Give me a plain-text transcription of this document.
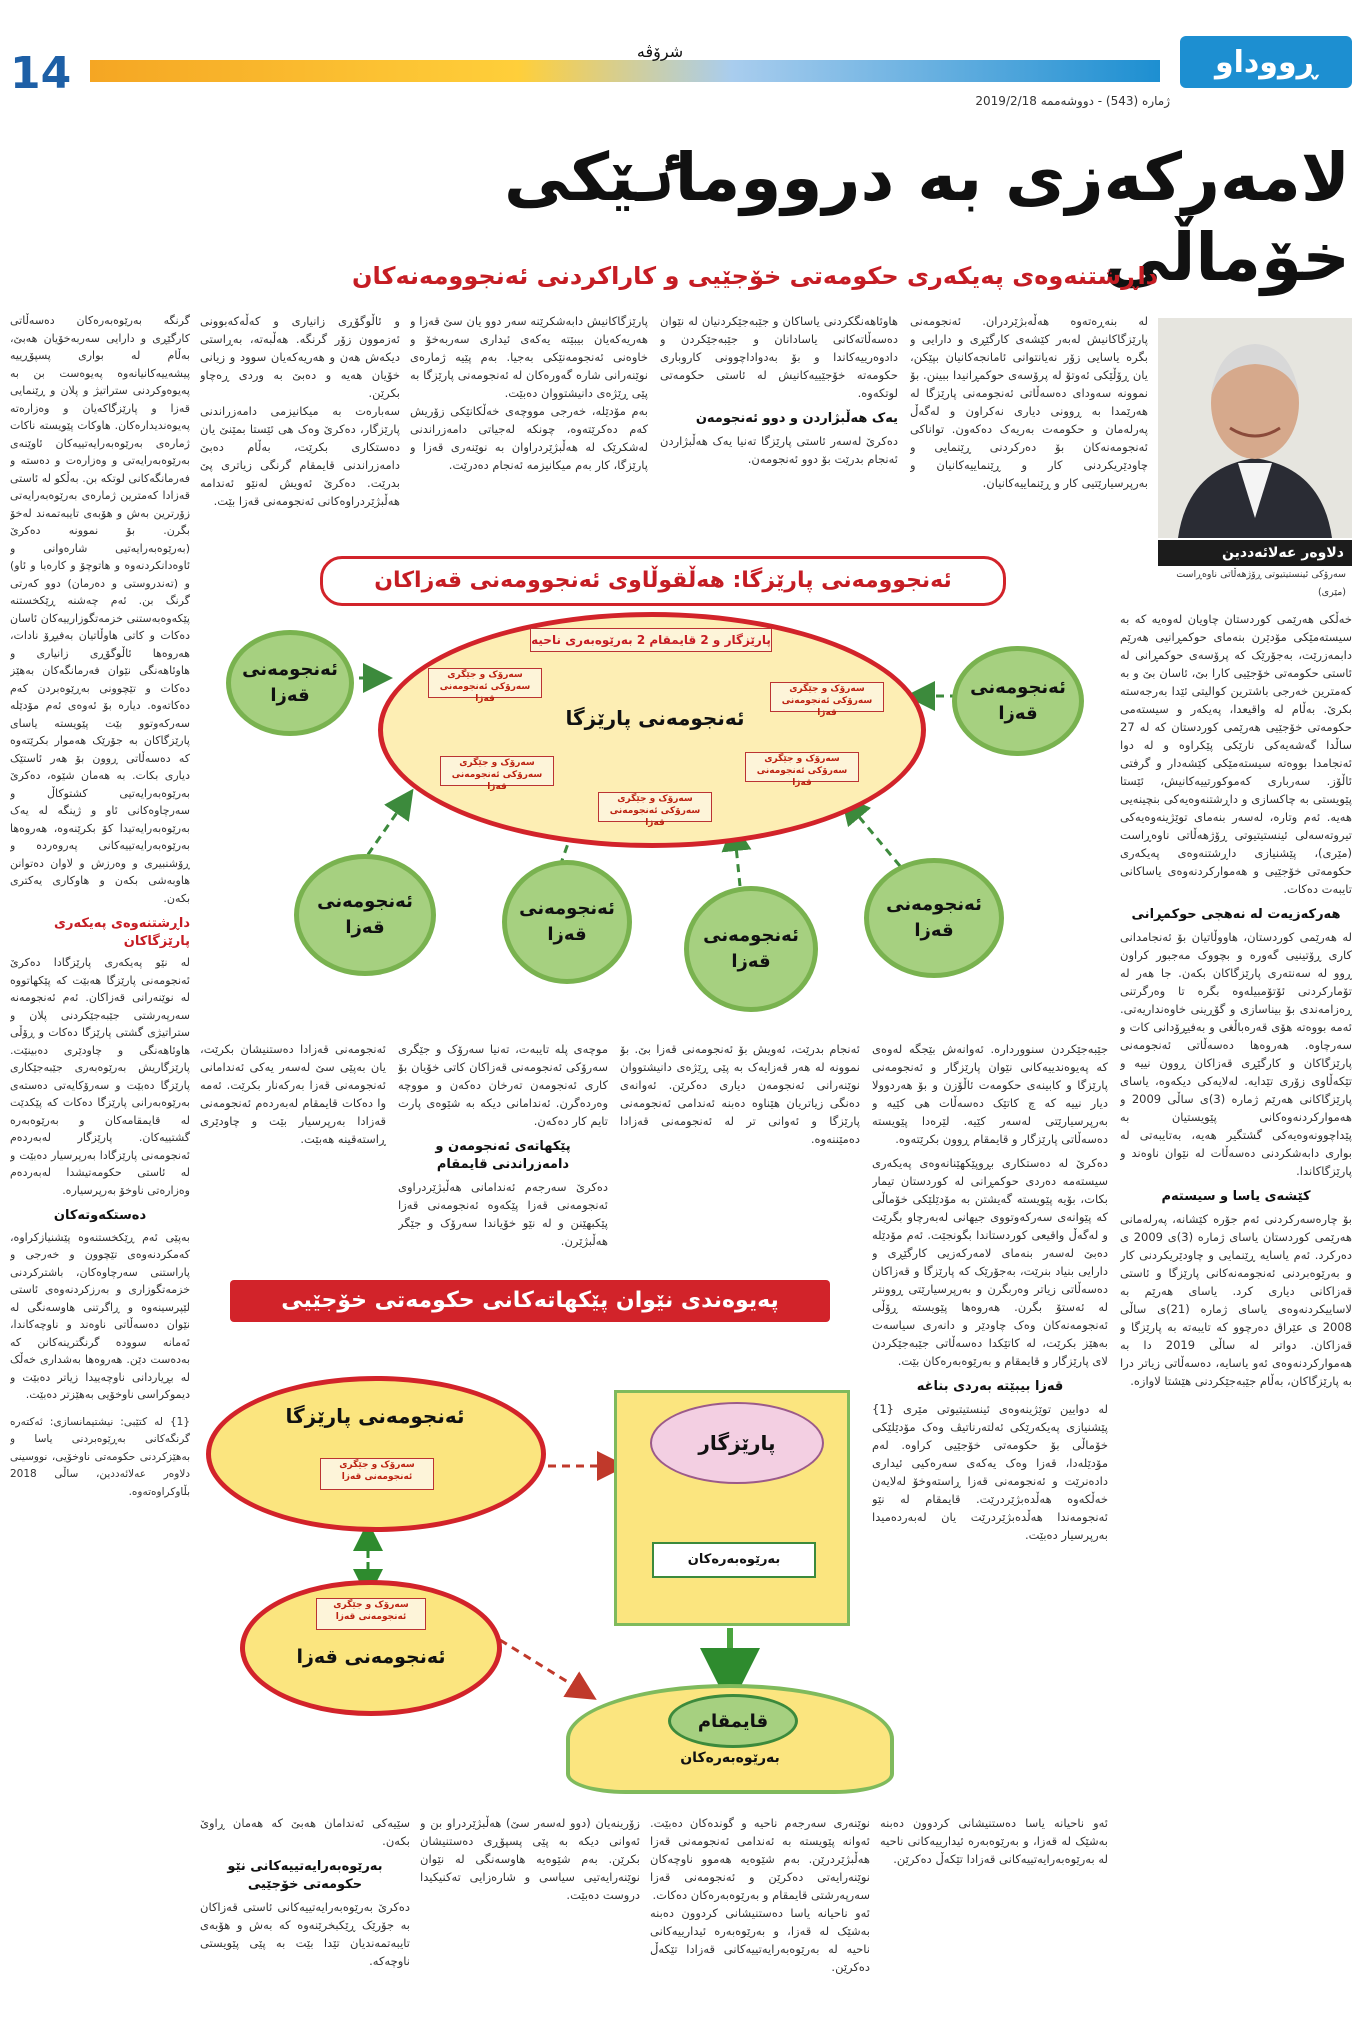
14	شرۆڤە	ڕووداو
ژمارە (543) - دووشەممە 2019/2/18
لامەرکەزی بە درووماٸێکی خۆماڵی
داڕشتنەوەی پەیکەری حکومەتی خۆجێیی و کاراکردنی ئەنجوومەنەکان
دلاوەر عەلائەددین
سەرۆکی ئینستیتیوتی ڕۆژهەڵاتی ناوەڕاست (مێری)

لە بنەڕەتەوە هەڵەبژێردران. ئەنجومەنی پارێزگاکانیش لەبەر کێشەی کارگێڕی و دارایی و بگرە یاسایی زۆر نەیانتوانی ئامانجەکانیان بپێکن، یان ڕۆڵێکی ئەوتۆ لە پرۆسەی حوکمڕانیدا ببینن. بۆ نموونە سەودای دەسەڵاتی ئەنجومەنی پارێزگا لە هەرێمدا بە ڕوونی دیاری نەکراون و لەگەڵ پەرلەمان و حکومەت بەریەک دەکەون. تواناکی ئەنجومەنەکان بۆ دەرکردنی ڕێنمایی و چاودێریکردنی کار و ڕێنماییەکانیان و بەرپرسیارێتیی کار و ڕێنماییەکانیان.

هاوئاهەنگکردنی یاساکان و جێبەجێکردنیان لە نێوان دەسەڵاتەکانی یاسادانان و جێبەجێکردن و دادوەرییەکاندا و بۆ بەدواداچوونی کاروباری حکومەتە خۆجێییەکانیش لە ئاستی حکومەتی لوتکەوە.

یەک هەڵبژاردن و دوو ئەنجومەن

دەکرێ لەسەر ئاستی پارێزگا تەنیا یەک هەڵبژاردن ئەنجام بدرێت بۆ دوو ئەنجومەن.

پارێزگاکانیش دابەشکرێنە سەر دوو یان سێ قەزا و هەریەکەیان بیبێتە یەکەی ئیداری سەربەخۆ و خاوەنی ئەنجومەنێکی بەجیا. بەم پێیە ژمارەی نوێنەرانی شارە گەورەکان لە ئەنجومەنی پارێزگا بە پێی ڕێژەی دانیشتووان دەبێت.

بەم مۆدێلە، خەرجی مووچەی خەڵکانێکی زۆریش کەم دەکرێتەوە، چونکە لەجیاتی دامەزراندنی لەشکرێک لە هەڵبژێردراوان بە نوێنەری قەزا و پارێزگا، کار بەم میکانیزمە ئەنجام دەدرێت.

و ئاڵوگۆڕی زانیاری و کەڵەکەبوونی ئەزموون زۆر گرنگە. هەڵبەتە، بەڕاستی دیکەش هەن و هەریەکەیان سوود و زیانی خۆیان هەیە و دەبێ بە وردی ڕەچاو بکرێن.

سەبارەت بە میکانیزمی دامەزراندنی پارێزگار، دەکرێ وەک هی ئێستا بمێنێ یان دەستکاری بکرێت، بەڵام دەبێ دامەزراندنی قایمقام گرنگی زیاتری پێ بدرێت. دەکرێ ئەویش لەنێو ئەندامە هەڵبژێردراوەکانی ئەنجومەنی قەزا بێت.

گرنگە بەرێوەبەرەکان دەسەڵاتی کارگێڕی و دارایی سەربەخۆیان هەبێ، بەڵام لە بواری پسپۆڕییە پیشەییەکانیانەوە پەیوەست بن بە پەیوەوکردنی ستراتیژ و پلان و ڕێنمایی قەزا و پارێزگاکەیان و وەزارەتە پەیوەندیدارەکان. هاوکات پێویستە ناکات ژمارەی بەرێوەبەرایەتییەکان ئاوێنەی بەرێوەبەرایەتی و وەزارەت و دەستە و فەرمانگەکانی لوتکە بن. بەڵکو لە ئاستی قەزادا کەمترین ژمارەی بەرێوەبەرایەتی زۆرترین بەش و هۆبەی تایبەتمەند لەخۆ بگرن. بۆ نموونە دەکرێ (بەرێوەبەرایەتیی شارەوانی و ئاوەدانکردنەوە و هاتوچۆ و کارەبا و ئاو) و (تەندروستی و دەرمان) دوو کەرتی گرنگ بن. ئەم چەشنە ڕێکخستنە پێکەوەبەستنی خزمەتگوزارییەکان ئاسان دەکات و کاتی هاوڵاتیان بەفیڕۆ نادات، هەروەها ئاڵوگۆڕی زانیاری و هاوئاهەنگی نێوان فەرمانگەکان بەهێز دەکات و تێچوونی بەڕێوەبردن کەم دەکاتەوە. دیارە بۆ ئەوەی ئەم مۆدێلە سەرکەوتوو بێت پێویستە یاسای پارێزگاکان بە جۆرێک هەموار بکرێتەوە کە دەسەڵاتی ڕوون بۆ هەر ئاستێک دیاری بکات. بە هەمان شێوە، دەکرێ بەرێوەبەرایەتیی کشتوکاڵ و سەرچاوەکانی ئاو و ژینگە لە یەک بەرێوەبەرایەتیدا کۆ بکرێنەوە، هەروەها بەرێوەبەرایەتییەکانی پەروەردە و ڕۆشنبیری و وەرزش و لاوان دەتوانن هاوبەشی بکەن و هاوکاری یەکتری بکەن.

داڕشتنەوەی پەیکەری پارێزگاکان

لە نێو پەیکەری پارێزگادا دەکرێ ئەنجومەنی پارێزگا هەبێت کە پێکهاتووە لە نوێنەرانی قەزاکان. ئەم ئەنجومەنە سەرپەرشتی جێبەجێکردنی پلان و ستراتیژی گشتی پارێزگا دەکات و ڕۆڵی هاوئاهەنگی و چاودێری دەبینێت. پارێزگاریش بەرێوەبەری جێبەجێکاری پارێزگا دەبێت و سەرۆکایەتی دەستەی بەرێوەبەرانی پارێزگا دەکات کە پێکدێت لە قایمقامەکان و بەرێوەبەرە گشتییەکان. پارێزگار لەبەردەم ئەنجومەنی پارێزگادا بەرپرسیار دەبێت و لە ئاستی حکومەتیشدا لەبەردەم وەزارەتی ناوخۆ بەرپرسیارە.

دەستکەوتەکان

بەپێی ئەم ڕێکخستنەوە پێشنیازکراوە، کەمکردنەوەی تێچوون و خەرجی و پاراستنی سەرچاوەکان، باشترکردنی خزمەتگوزاری و بەرزکردنەوەی ئاستی لێپرسینەوە و ڕاگرتنی هاوسەنگی لە نێوان دەسەڵاتی ناوەند و ناوچەکاندا، ئەمانە سوودە گرنگترینەکانن کە بەدەست دێن. هەروەها بەشداری خەڵک لە بڕیاردانی ناوچەییدا زیاتر دەبێت و دیموکراسی ناوخۆیی بەهێزتر دەبێت.

{1} لە کتێبی: نیشتیمانسازی: ئەکتەرە گرنگەکانی بەڕێوەبردنی یاسا و بەهێزکردنی حکومەتی ناوخۆیی، نووسینی دلاوەر عەلائەددین، ساڵی 2018 بڵاوکراوەتەوە.

خەڵکی هەرێمی کوردستان چاویان لەوەیە کە بە سیستەمێکی مۆدێرن بنەمای حوکمڕانیی هەرێم دابمەزرێت، بەجۆرێک کە پرۆسەی حوکمڕانی لە ئاستی حکومەتی خۆجێیی کارا بێ، ئاسان بێ و بە کەمترین خەرجی باشترین کوالیتی ئێدا بەرجەستە بکرێ. بەڵام لە واقیعدا، پەیکەر و سیستەمی حکومەتی خۆجێیی هەرێمی کوردستان کە لە 27 ساڵدا گەشەیەکی نارێکی پێکراوە و لە دوا ئەنجامدا بووەتە سیستەمێکی کێشەدار و گرفتی ئاڵۆز. سەرباری کەموکورتییەکانیش، ئێستا پێویستی بە چاکسازی و داڕشتنەوەیەکی بنچینەیی هەیە. ئەم وتارە، لەسەر بنەمای توێژینەوەیەکی تیروتەسەلی ئینستیتیوتی ڕۆژهەڵاتی ناوەڕاست (مێری)، پێشنیازی داڕشتنەوەی پەیکەری حکومەتی خۆجێیی و هەموارکردنەوەی یاساکانی تایبەت دەکات.

هەرکەزیەت لە نەهجی حوکمڕانی

لە هەرێمی کوردستان، هاووڵاتیان بۆ ئەنجامدانی کاری ڕۆتینیی گەورە و بچووک مەجبور کراون ڕوو لە سەنتەری پارێزگاکان بکەن. جا هەر لە تۆمارکردنی ئۆتۆمبیلەوە بگرە تا وەرگرتنی ڕەزامەندی بۆ بیناسازی و گۆڕینی خاوەنداریەتی. ئەمە بووەتە هۆی قەرەباڵغی و بەفیڕۆدانی کات و سەرچاوە. هەروەها دەسەڵاتی ئەنجومەنی پارێزگاکان و کارگێڕی قەزاکان ڕوون نییە و تێکەڵاوی زۆری تێدایە. لەلایەکی دیکەوە، یاسای پارێزگاکانی هەرێم ژمارە (3)ی ساڵی 2009 و هەموارکردنەوەکانی پێویستیان بە پێداچوونەوەیەکی گشتگیر هەیە، بەتایبەتی لە بواری دابەشکردنی دەسەڵات لە نێوان ناوەند و پارێزگاکاندا.

کێشەی یاسا و سیستەم

بۆ چارەسەرکردنی ئەم جۆرە کێشانە، پەرلەمانی هەرێمی کوردستان یاسای ژمارە (3)ی 2009 ی دەرکرد. ئەم یاسایە ڕێنمایی و چاودێریکردنی کار و بەرێوەبردنی ئەنجومەنەکانی پارێزگا و ئاستی قەزاکانی دیاری کرد. یاسای هەرێم بە لاساییکردنەوەی یاسای ژمارە (21)ی ساڵی 2008 ی عێراق دەرچوو کە تایبەتە بە پارێزگا و قەزاکان. دواتر لە ساڵی 2019 دا بە هەموارکردنەوەی ئەو یاسایە، دەسەڵاتی زیاتر درا بە پارێزگاکان، بەڵام جێبەجێکردنی هێشتا لاوازە.

ئەنجوومەنی پارێزگا: هەڵقوڵاوی ئەنجوومەنی قەزاکان
پارێزگار و 2 قایمقام 2 بەرێوەبەری ناحیە
ئەنجومەنی پارێزگا
سەرۆک و جێگری سەرۆکی ئەنجومەنی قەزا
سەرۆک و جێگری سەرۆکی ئەنجومەنی قەزا
سەرۆک و جێگری سەرۆکی ئەنجومەنی قەزا
سەرۆک و جێگری سەرۆکی ئەنجومەنی قەزا
سەرۆک و جێگری سەرۆکی ئەنجومەنی قەزا
ئەنجومەنی قەزا	ئەنجومەنی قەزا
ئەنجومەنی قەزا
ئەنجومەنی قەزا	ئەنجومەنی قەزا
ئەنجومەنی قەزا

ئەنجومەنی قەزادا دەستنیشان بکرێت، یان بەپێی سێ لەسەر یەکی ئەندامانی ئەنجومەنی قەزا بەرکەنار بکرێت. ئەمە وا دەکات قایمقام لەبەردەم ئەنجومەنی قەزادا بەرپرسیار بێت و چاودێری ڕاستەقینە هەبێت.

موچەی پلە تایبەت، تەنیا سەرۆک و جێگری سەرۆکی ئەنجومەنی قەزاکان کاتی خۆیان بۆ کاری ئەنجومەن تەرخان دەکەن و مووچە وەردەگرن. ئەندامانی دیکە بە شێوەی پارت تایم کار دەکەن.

پێکهاتەی ئەنجومەن و دامەزراندنی قایمقام

دەکرێ سەرجەم ئەندامانی هەڵبژێردراوی ئەنجومەنی قەزا پێکەوە ئەنجومەنی قەزا پێکبهێنن و لە نێو خۆیاندا سەرۆک و جێگر هەڵبژێرن.

ئەنجام بدرێت، ئەویش بۆ ئەنجومەنی قەزا بێ. بۆ نموونە لە هەر قەزایەک بە پێی ڕێژەی دانیشتووان نوێنەرانی ئەنجومەن دیاری دەکرێن. ئەوانەی دەنگی زیاتریان هێناوە دەبنە ئەندامی ئەنجومەنی پارێزگا و ئەوانی تر لە ئەنجومەنی قەزادا دەمێننەوە.

جێبەجێکردن سنووردارە. ئەوانەش بێجگە لەوەی کە پەیوەندییەکانی نێوان پارێزگار و ئەنجومەنی پارێزگا و کابینەی حکومەت ئاڵۆزن و بۆ هەردوولا دیار نییە کە چ کاتێک دەسەڵات هی کێیە و بەرپرسیارێتی لەسەر کێیە. لێرەدا پێویستە دەسەڵاتی پارێزگار و قایمقام ڕوون بکرێتەوە.

دەکرێ لە دەستکاری بڕوپێکهێنانەوەی پەیکەری سیستەمە دەردی حوکمڕانی لە کوردستان تیمار بکات، بۆیە پێویستە گەیشتن بە مۆدێلێکی خۆماڵی کە پێوانەی سەرکەوتووی جیهانی لەبەرچاو بگرێت و لەگەڵ واقیعی کوردستاندا بگونجێت. ئەم مۆدێلە دەبێ لەسەر بنەمای لامەرکەزیی کارگێڕی و دارایی بنیاد بنرێت، بەجۆرێک کە پارێزگا و قەزاکان دەسەڵاتی زیاتر وەربگرن و بەرپرسیارێتی ڕوونتر لە ئەستۆ بگرن. هەروەها پێویستە ڕۆڵی ئەنجومەنەکان وەک چاودێر و دانەری سیاسەت بەهێز بکرێت، لە کاتێکدا دەسەڵاتی جێبەجێکردن لای پارێزگار و قایمقام و بەرێوەبەرەکان بێت.

قەزا بیبێتە بەردی بناغە

لە دوایین توێژینەوەی ئینستیتیوتی مێری {1} پێشنیازی پەیکەرێکی ئەلتەرناتیڤ وەک مۆدێلێکی خۆماڵی بۆ حکومەتی خۆجێیی کراوە. لەم مۆدێلەدا، قەزا وەک یەکەی سەرەکیی ئیداری دادەنرێت و ئەنجومەنی قەزا ڕاستەوخۆ لەلایەن خەڵکەوە هەڵدەبژێردرێت. قایمقام لە نێو ئەنجومەندا هەڵدەبژێردرێت یان لەبەردەمیدا بەرپرسیار دەبێت.

پەیوەندی نێوان پێکهاتەکانی حکومەتی خۆجێیی
ئەنجومەنی پارێزگا
سەرۆک و جێگری ئەنجومەنی قەزا
سەرۆک و جێگری ئەنجومەنی قەزا
ئەنجومەنی قەزا
پارێزگار
بەرێوەبەرەکان
قایمقام
بەرێوەبەرەکان

سێیەکی ئەندامان هەبێ کە هەمان ڕاوێ بکەن.

بەرێوەبەرایەتییەکانی نێو حکومەتی خۆجێیی

دەکرێ بەرێوەبەرایەتییەکانی ئاستی قەزاکان بە جۆرێک ڕێکبخرێنەوە کە بەش و هۆبەی تایبەتمەندیان تێدا بێت بە پێی پێویستی ناوچەکە.

زۆرینەیان (دوو لەسەر سێ) هەڵبژێردراو بن و ئەوانی دیکە بە پێی پسپۆڕی دەستنیشان بکرێن. بەم شێوەیە هاوسەنگی لە نێوان نوێنەرایەتیی سیاسی و شارەزایی تەکنیکیدا دروست دەبێت.

نوێنەری سەرجەم ناحیە و گوندەکان دەبێت. ئەوانە پێویستە بە ئەندامی ئەنجومەنی قەزا هەڵبژێردرێن. بەم شێوەیە هەموو ناوچەکان نوێنەرایەتی دەکرێن و ئەنجومەنی قەزا سەرپەرشتی قایمقام و بەرێوەبەرەکان دەکات.

ئەو ناحیانە یاسا دەستنیشانی کردوون دەبنە بەشێک لە قەزا، و بەرێوەبەرە ئیدارییەکانی ناحیە لە بەرێوەبەرایەتییەکانی قەزادا تێکەڵ دەکرێن.

ئەو ناحیانە یاسا دەستنیشانی کردوون دەبنە بەشێک لە قەزا، و بەرێوەبەرە ئیدارییەکانی ناحیە لە بەرێوەبەرایەتییەکانی قەزادا تێکەڵ دەکرێن.
